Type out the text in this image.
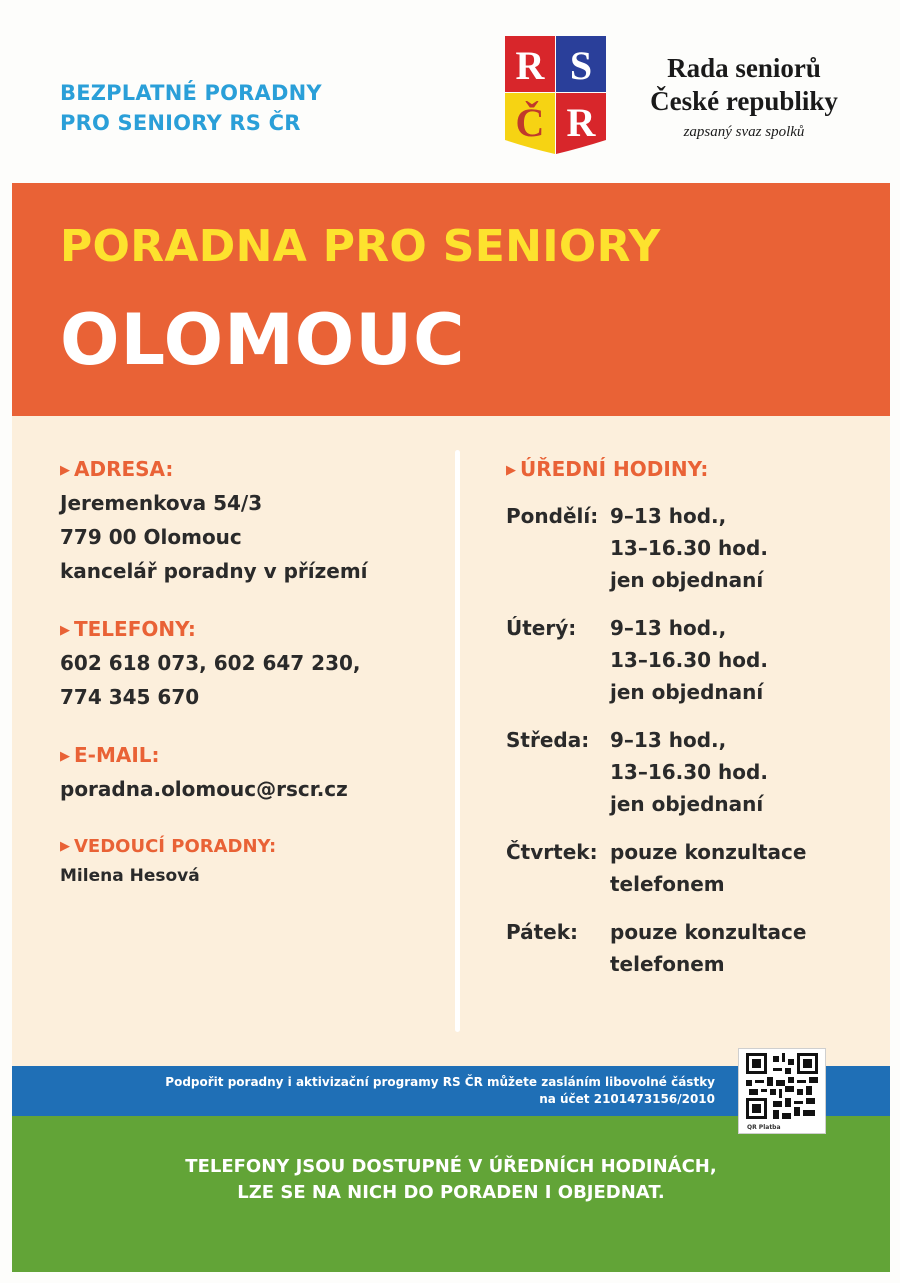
BEZPLATNÉ PORADNY
PRO SENIORY RS ČR
R S
Č R
Rada seniorů
České republiky
zapsaný svaz spolků
PORADNA PRO SENIORY
OLOMOUC
▶ ADRESA:
Jeremenkova 54/3
779 00 Olomouc
kancelář poradny v přízemí
▶ TELEFONY:
602 618 073, 602 647 230,
774 345 670
▶ E-MAIL:
poradna.olomouc@rscr.cz
▶ VEDOUCÍ PORADNY:
Milena Hesová
▶ ÚŘEDNÍ HODINY:
Pondělí: 9–13 hod.,
13–16.30 hod.
jen objednaní
Úterý:	9–13 hod.,
13–16.30 hod.
jen objednaní
Středa:	9–13 hod.,
13–16.30 hod.
jen objednaní
Čtvrtek: pouze konzultace
telefonem
Pátek:	pouze konzultace
telefonem
Podpořit poradny i aktivizační programy RS ČR můžete zasláním libovolné částky
na účet 2101473156/2010
TELEFONY JSOU DOSTUPNÉ V ÚŘEDNÍCH HODINÁCH,
LZE SE NA NICH DO PORADEN I OBJEDNAT.
QR Platba
